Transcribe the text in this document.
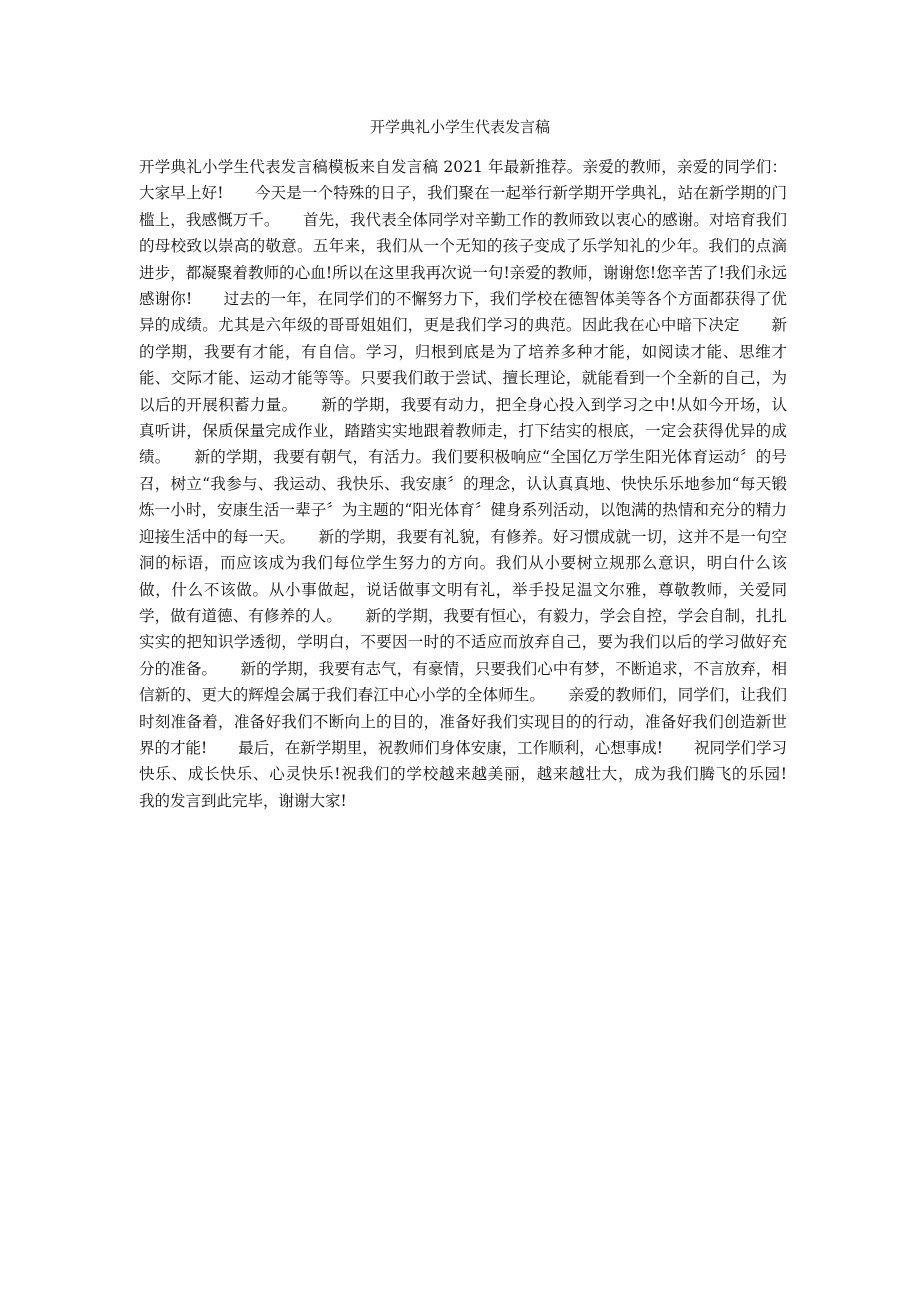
开学典礼小学生代表发言稿
开学典礼小学生代表发言稿模板来自发言稿 2021 年最新推荐。亲爱的教师，亲爱的同学们：大家早上好!　　今天是一个特殊的日子，我们聚在一起举行新学期开学典礼，站在新学期的门槛上，我感慨万千。　　首先，我代表全体同学对辛勤工作的教师致以衷心的感谢。对培育我们的母校致以崇高的敬意。五年来，我们从一个无知的孩子变成了乐学知礼的少年。我们的点滴进步，都凝聚着教师的心血!所以在这里我再次说一句!亲爱的教师，谢谢您!您辛苦了!我们永远感谢你!　　过去的一年，在同学们的不懈努力下，我们学校在德智体美等各个方面都获得了优异的成绩。尤其是六年级的哥哥姐姐们，更是我们学习的典范。因此我在心中暗下决定　　新的学期，我要有才能，有自信。学习，归根到底是为了培养多种才能，如阅读才能、思维才能、交际才能、运动才能等等。只要我们敢于尝试、擅长理论，就能看到一个全新的自己，为以后的开展积蓄力量。　　新的学期，我要有动力，把全身心投入到学习之中!从如今开场，认真听讲，保质保量完成作业，踏踏实实地跟着教师走，打下结实的根底，一定会获得优异的成绩。　　新的学期，我要有朝气，有活力。我们要积极响应“全国亿万学生阳光体育运动〞的号召，树立“我参与、我运动、我快乐、我安康〞的理念，认认真真地、快快乐乐地参加“每天锻炼一小时，安康生活一辈子〞为主题的“阳光体育〞健身系列活动，以饱满的热情和充分的精力迎接生活中的每一天。　　新的学期，我要有礼貌，有修养。好习惯成就一切，这并不是一句空洞的标语，而应该成为我们每位学生努力的方向。我们从小要树立规那么意识，明白什么该做，什么不该做。从小事做起，说话做事文明有礼，举手投足温文尔雅，尊敬教师，关爱同学，做有道德、有修养的人。　　新的学期，我要有恒心，有毅力，学会自控，学会自制，扎扎实实的把知识学透彻，学明白，不要因一时的不适应而放弃自己，要为我们以后的学习做好充分的准备。　　新的学期，我要有志气，有豪情，只要我们心中有梦，不断追求，不言放弃，相信新的、更大的辉煌会属于我们春江中心小学的全体师生。　　亲爱的教师们，同学们，让我们时刻准备着，准备好我们不断向上的目的，准备好我们实现目的的行动，准备好我们创造新世界的才能!　　最后，在新学期里，祝教师们身体安康，工作顺利，心想事成!　　祝同学们学习快乐、成长快乐、心灵快乐!祝我们的学校越来越美丽，越来越壮大，成为我们腾飞的乐园!　　我的发言到此完毕，谢谢大家!
